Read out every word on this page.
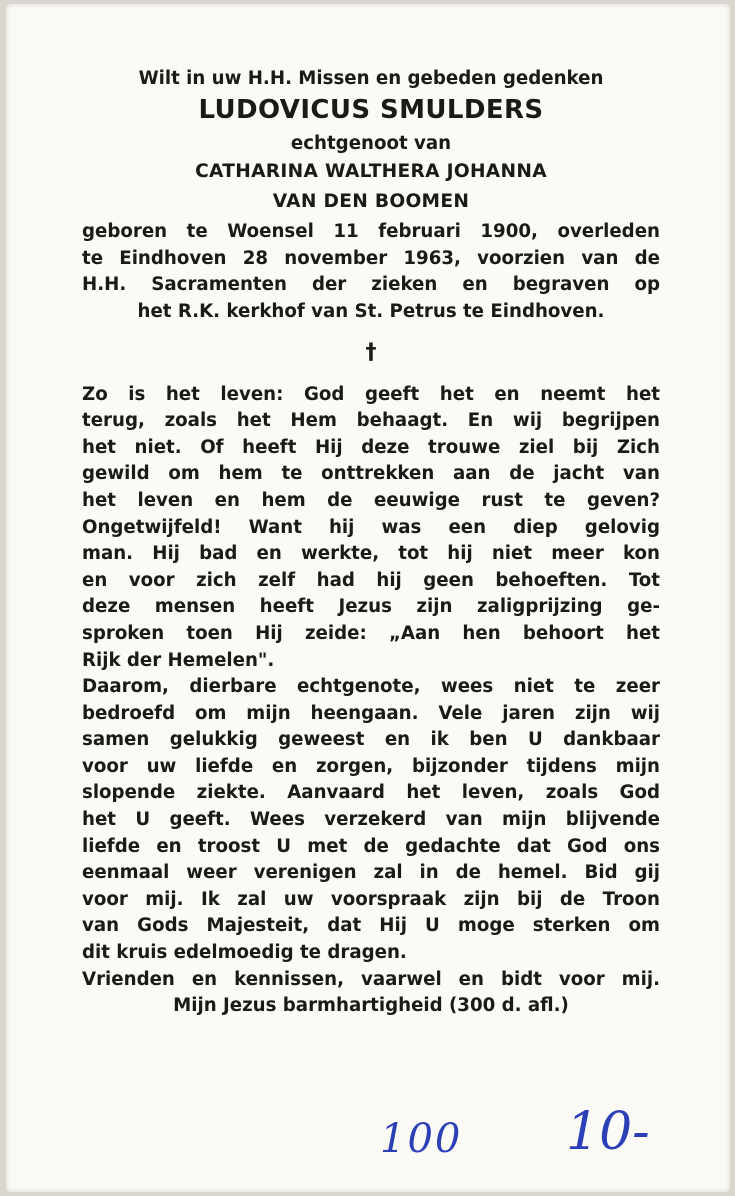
Wilt in uw H.H. Missen en gebeden gedenken
LUDOVICUS SMULDERS
echtgenoot van
CATHARINA WALTHERA JOHANNA
VAN DEN BOOMEN
geboren te Woensel 11 februari 1900, overleden
te Eindhoven 28 november 1963, voorzien van de
H.H. Sacramenten der zieken en begraven op
het R.K. kerkhof van St. Petrus te Eindhoven.
†
Zo is het leven: God geeft het en neemt het
terug, zoals het Hem behaagt. En wij begrijpen
het niet. Of heeft Hij deze trouwe ziel bij Zich
gewild om hem te onttrekken aan de jacht van
het leven en hem de eeuwige rust te geven?
Ongetwijfeld! Want hij was een diep gelovig
man. Hij bad en werkte, tot hij niet meer kon
en voor zich zelf had hij geen behoeften. Tot
deze mensen heeft Jezus zijn zaligprijzing ge-
sproken toen Hij zeide: „Aan hen behoort het
Rijk der Hemelen".
Daarom, dierbare echtgenote, wees niet te zeer
bedroefd om mijn heengaan. Vele jaren zijn wij
samen gelukkig geweest en ik ben U dankbaar
voor uw liefde en zorgen, bijzonder tijdens mijn
slopende ziekte. Aanvaard het leven, zoals God
het U geeft. Wees verzekerd van mijn blijvende
liefde en troost U met de gedachte dat God ons
eenmaal weer verenigen zal in de hemel. Bid gij
voor mij. Ik zal uw voorspraak zijn bij de Troon
van Gods Majesteit, dat Hij U moge sterken om
dit kruis edelmoedig te dragen.
Vrienden en kennissen, vaarwel en bidt voor mij.
Mijn Jezus barmhartigheid (300 d. afl.)
100 10-
